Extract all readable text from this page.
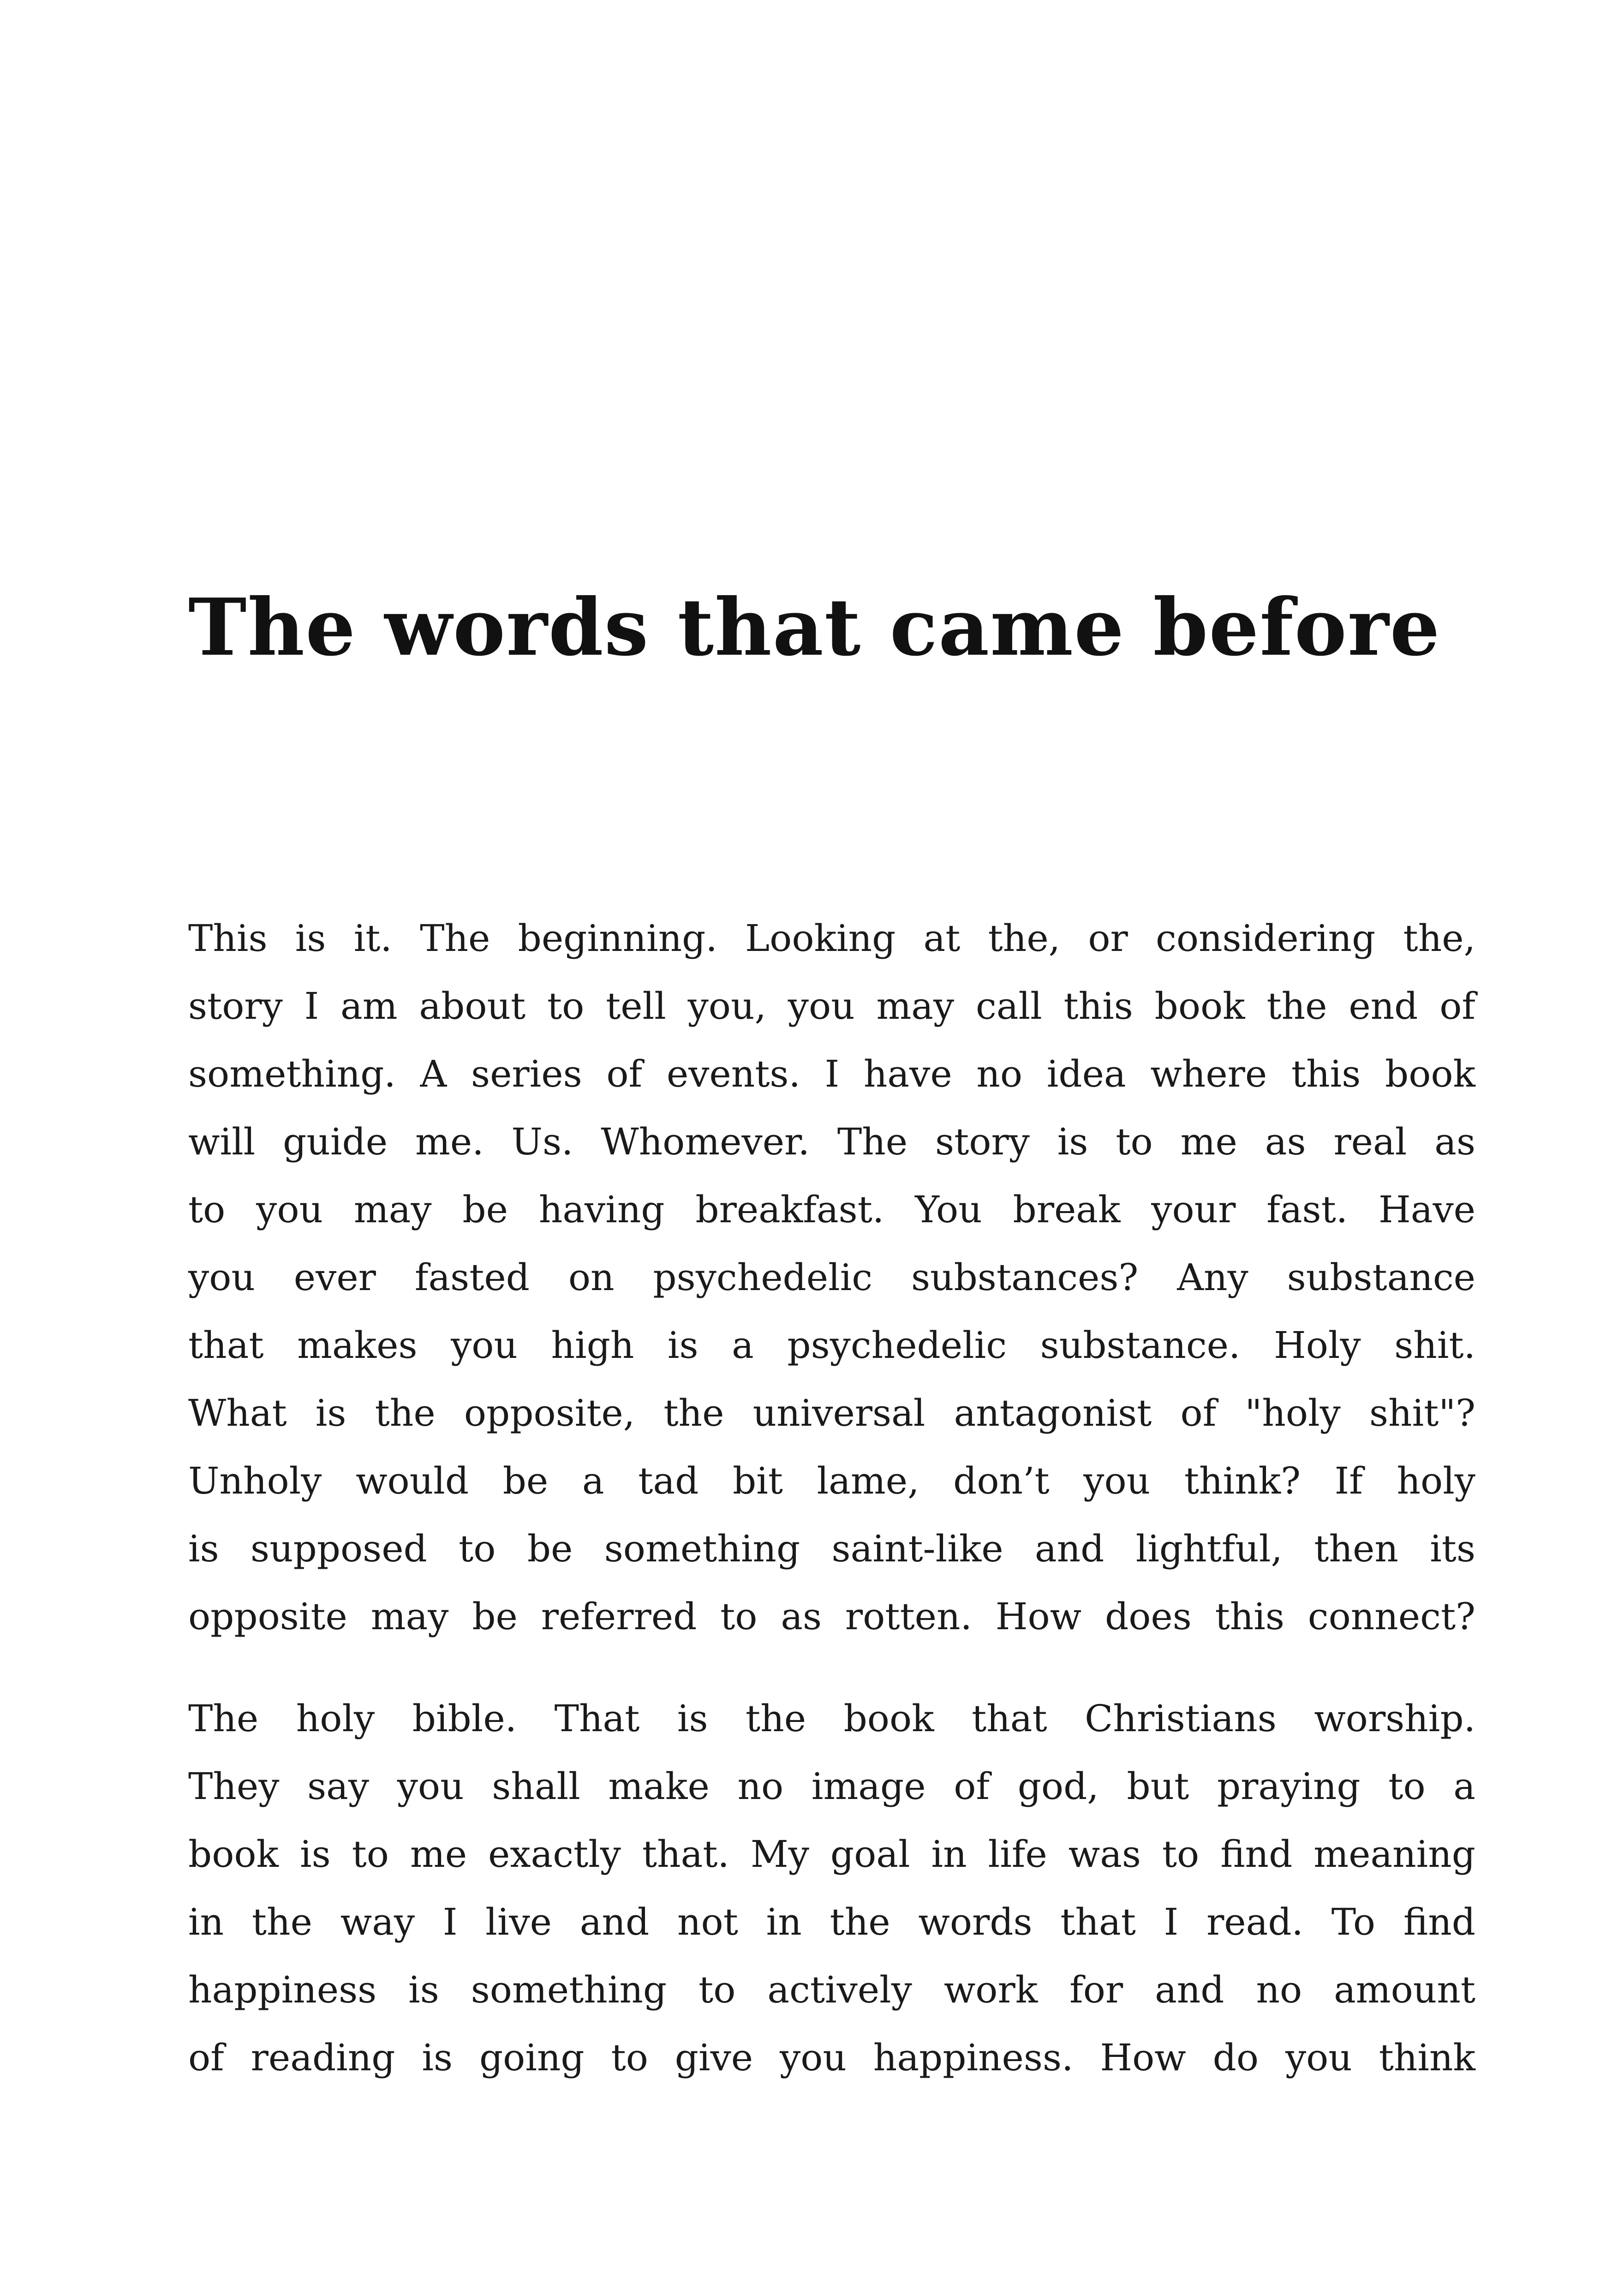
The words that came before

This is it. The beginning. Looking at the, or considering the,
story I am about to tell you, you may call this book the end of
something. A series of events. I have no idea where this book
will guide me. Us. Whomever. The story is to me as real as
to you may be having breakfast. You break your fast. Have
you ever fasted on psychedelic substances? Any substance
that makes you high is a psychedelic substance. Holy shit.
What is the opposite, the universal antagonist of "holy shit"?
Unholy would be a tad bit lame, don’t you think? If holy
is supposed to be something saint-like and lightful, then its
opposite may be referred to as rotten. How does this connect?

The holy bible. That is the book that Christians worship.
They say you shall make no image of god, but praying to a
book is to me exactly that. My goal in life was to find meaning
in the way I live and not in the words that I read. To find
happiness is something to actively work for and no amount
of reading is going to give you happiness. How do you think
